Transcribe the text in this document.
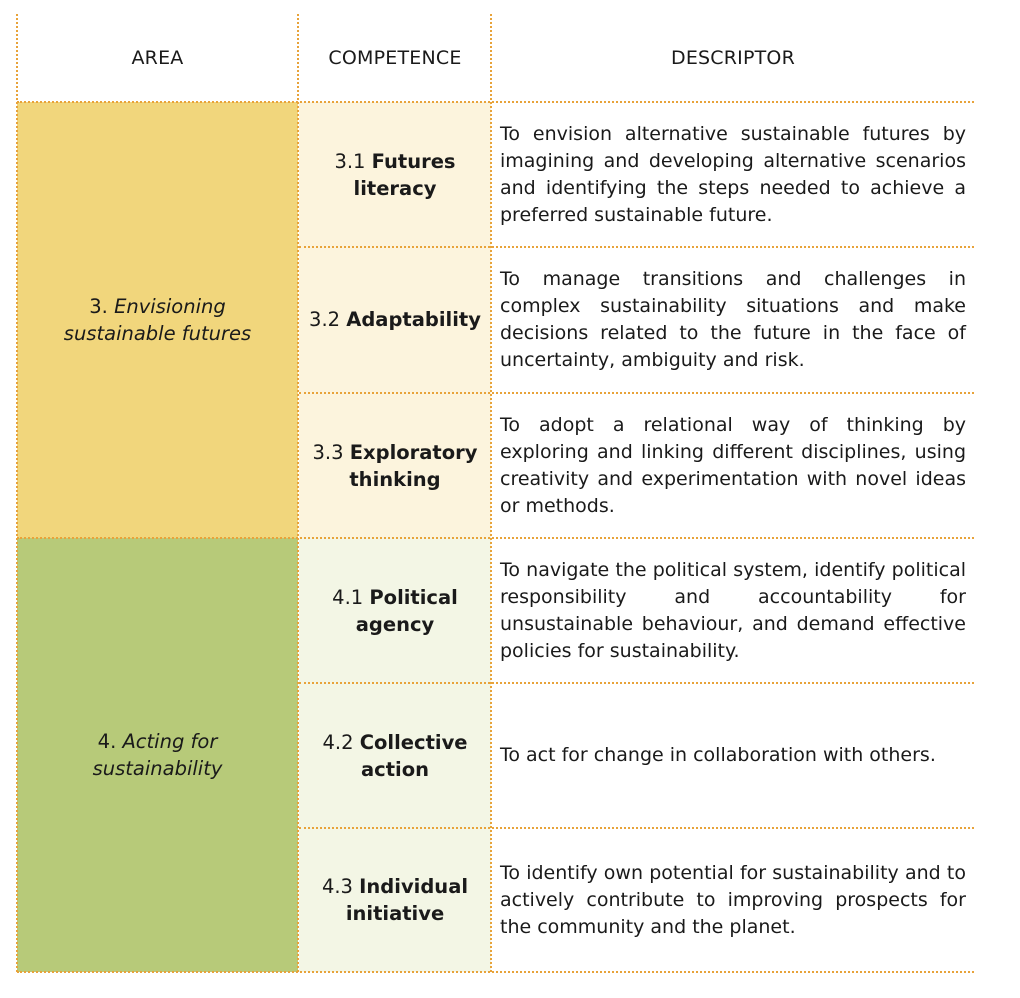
AREA	COMPETENCE	DESCRIPTOR
3. Envisioning sustainable futures
4. Acting for sustainability
3.1 Futures literacy
3.2 Adaptability
3.3 Exploratory thinking
4.1 Political agency
4.2 Collective action
4.3 Individual initiative
To envision alternative sustainable futures by imagining and developing alternative scenarios and identifying the steps needed to achieve a preferred sustainable future.
To manage transitions and challenges in complex sustainability situations and make decisions related to the future in the face of uncertainty, ambiguity and risk.
To adopt a relational way of thinking by exploring and linking different disciplines, using creativity and experimentation with novel ideas or methods.
To navigate the political system, identify political responsibility and accountability for unsustainable behaviour, and demand effective policies for sustainability.
To act for change in collaboration with others.
To identify own potential for sustainability and to actively contribute to improving prospects for the community and the planet.
